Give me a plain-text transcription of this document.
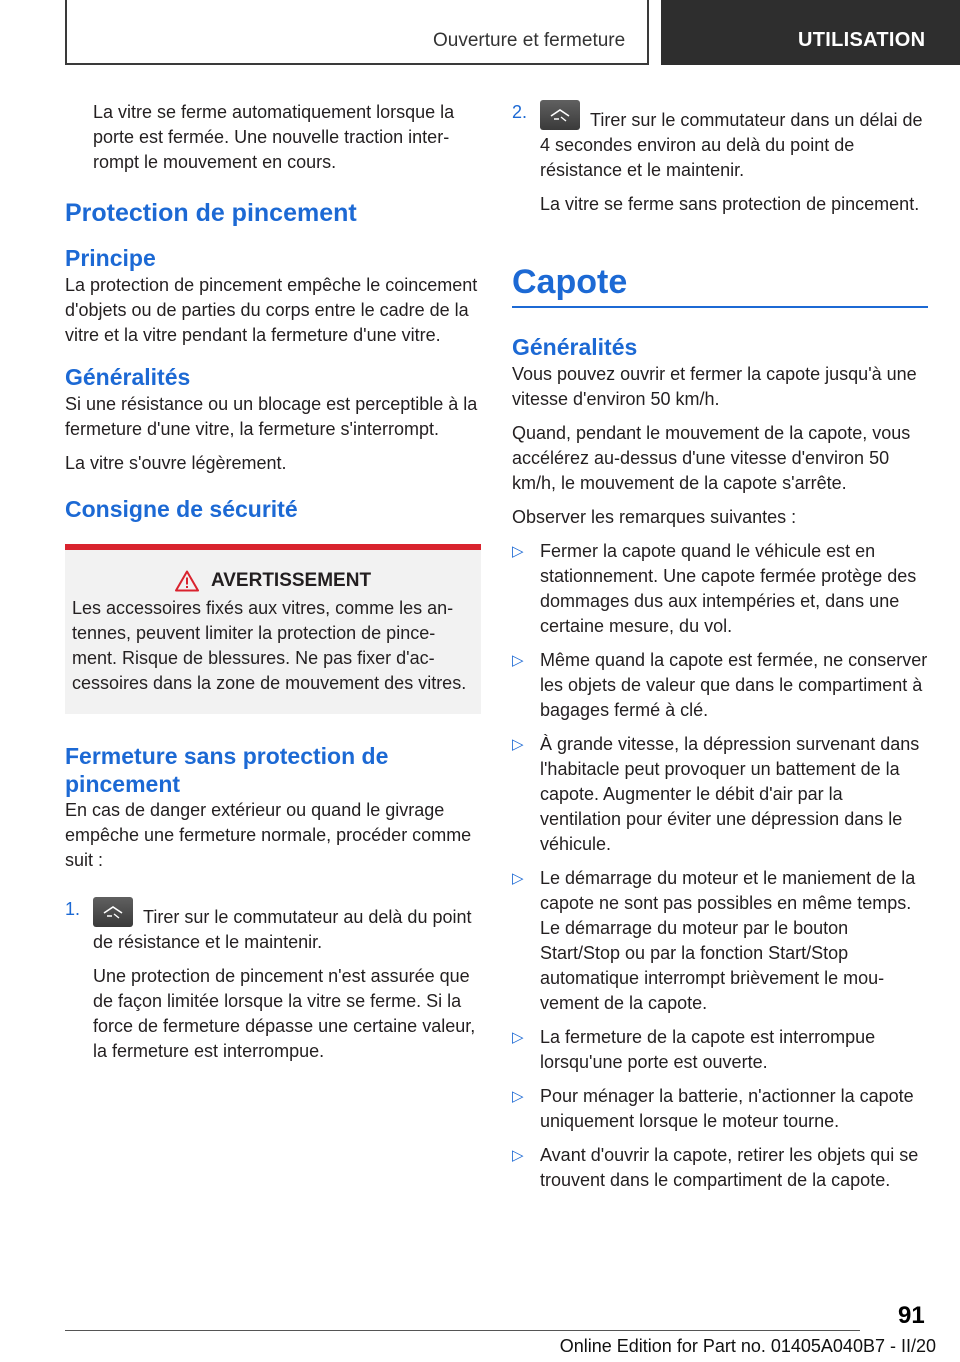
Ouverture et fermeture	UTILISATION

La vitre se ferme automatiquement lorsque la porte est fermée. Une nouvelle traction interrompt le mouvement en cours.

Protection de pincement
Principe

La protection de pincement empêche le coincement d'objets ou de parties du corps entre le cadre de la vitre et la vitre pendant la fermeture d'une vitre.

Généralités

Si une résistance ou un blocage est perceptible à la fermeture d'une vitre, la fermeture s'interrompt.

La vitre s'ouvre légèrement.

Consigne de sécurité
AVERTISSEMENT

Les accessoires fixés aux vitres, comme les antennes, peuvent limiter la protection de pincement. Risque de blessures. Ne pas fixer d'accessoires dans la zone de mouvement des vitres.

Fermeture sans protection de pincement

En cas de danger extérieur ou quand le givrage empêche une fermeture normale, procéder comme suit :

1.	Tirer sur le commutateur au delà du point de résistance et le maintenir.

Une protection de pincement n'est assurée que de façon limitée lorsque la vitre se ferme. Si la force de fermeture dépasse une certaine valeur, la fermeture est interrompue.

2.	Tirer sur le commutateur dans un délai de 4 secondes environ au delà du point de résistance et le maintenir.

La vitre se ferme sans protection de pincement.

Capote
Généralités

Vous pouvez ouvrir et fermer la capote jusqu'à une vitesse d'environ 50 km/h.

Quand, pendant le mouvement de la capote, vous accélérez au-dessus d'une vitesse d'environ 50 km/h, le mouvement de la capote s'arrête.

Observer les remarques suivantes :

▷ Fermer la capote quand le véhicule est en stationnement. Une capote fermée protège des dommages dus aux intempéries et, dans une certaine mesure, du vol.

▷ Même quand la capote est fermée, ne conserver les objets de valeur que dans le compartiment à bagages fermé à clé.

▷ À grande vitesse, la dépression survenant dans l'habitacle peut provoquer un battement de la capote. Augmenter le débit d'air par la ventilation pour éviter une dépression dans le véhicule.

▷ Le démarrage du moteur et le maniement de la capote ne sont pas possibles en même temps. Le démarrage du moteur par le bouton Start/Stop ou par la fonction Start/Stop automatique interrompt brièvement le mouvement de la capote.

▷ La fermeture de la capote est interrompue lorsqu'une porte est ouverte.

▷ Pour ménager la batterie, n'actionner la capote uniquement lorsque le moteur tourne.

▷ Avant d'ouvrir la capote, retirer les objets qui se trouvent dans le compartiment de la capote.

91
Online Edition for Part no. 01405A040B7 - II/20
